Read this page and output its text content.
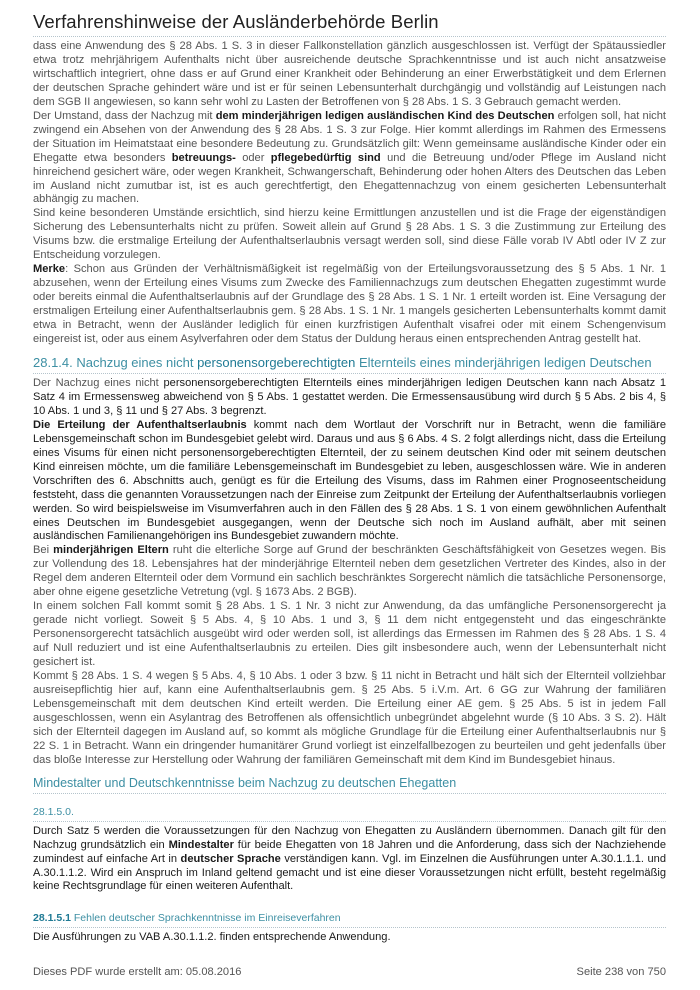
Verfahrenshinweise der Ausländerbehörde Berlin

dass eine Anwendung des § 28 Abs. 1 S. 3 in dieser Fallkonstellation gänzlich ausgeschlossen ist. Verfügt der Spätaussiedler etwa trotz mehrjährigem Aufenthalts nicht über ausreichende deutsche Sprachkenntnisse und ist auch nicht ansatzweise wirtschaftlich integriert, ohne dass er auf Grund einer Krankheit oder Behinderung an einer Erwerbstätigkeit und dem Erlernen der deutschen Sprache gehindert wäre und ist er für seinen Lebensunterhalt durchgängig und vollständig auf Leistungen nach dem SGB II angewiesen, so kann sehr wohl zu Lasten der Betroffenen von § 28 Abs. 1 S. 3 Gebrauch gemacht werden.

Der Umstand, dass der Nachzug mit dem minderjährigen ledigen ausländischen Kind des Deutschen erfolgen soll, hat nicht zwingend ein Absehen von der Anwendung des § 28 Abs. 1 S. 3 zur Folge. Hier kommt allerdings im Rahmen des Ermessens der Situation im Heimatstaat eine besondere Bedeutung zu. Grundsätzlich gilt: Wenn gemeinsame ausländische Kinder oder ein Ehegatte etwa besonders betreuungs- oder pflegebedürftig sind und die Betreuung und/oder Pflege im Ausland nicht hinreichend gesichert wäre, oder wegen Krankheit, Schwangerschaft, Behinderung oder hohen Alters des Deutschen das Leben im Ausland nicht zumutbar ist, ist es auch gerechtfertigt, den Ehegattennachzug von einem gesicherten Lebensunterhalt abhängig zu machen.

Sind keine besonderen Umstände ersichtlich, sind hierzu keine Ermittlungen anzustellen und ist die Frage der eigenständigen Sicherung des Lebensunterhalts nicht zu prüfen. Soweit allein auf Grund § 28 Abs. 1 S. 3 die Zustimmung zur Erteilung des Visums bzw. die erstmalige Erteilung der Aufenthaltserlaubnis versagt werden soll, sind diese Fälle vorab IV Abtl oder IV Z zur Entscheidung vorzulegen.

Merke: Schon aus Gründen der Verhältnismäßigkeit ist regelmäßig von der Erteilungsvoraussetzung des § 5 Abs. 1 Nr. 1 abzusehen, wenn der Erteilung eines Visums zum Zwecke des Familiennachzugs zum deutschen Ehegatten zugestimmt wurde oder bereits einmal die Aufenthaltserlaubnis auf der Grundlage des § 28 Abs. 1 S. 1 Nr. 1 erteilt worden ist. Eine Versagung der erstmaligen Erteilung einer Aufenthaltserlaubnis gem. § 28 Abs. 1 S. 1 Nr. 1 mangels gesicherten Lebensunterhalts kommt damit etwa in Betracht, wenn der Ausländer lediglich für einen kurzfristigen Aufenthalt visafrei oder mit einem Schengenvisum eingereist ist, oder aus einem Asylverfahren oder dem Status der Duldung heraus einen entsprechenden Antrag gestellt hat.

28.1.4. Nachzug eines nicht personensorgeberechtigten Elternteils eines minderjährigen ledigen Deutschen

Der Nachzug eines nicht personensorgeberechtigten Elternteils eines minderjährigen ledigen Deutschen kann nach Absatz 1 Satz 4 im Ermessensweg abweichend von § 5 Abs. 1 gestattet werden. Die Ermessensausübung wird durch § 5 Abs. 2 bis 4, § 10 Abs. 1 und 3, § 11 und § 27 Abs. 3 begrenzt.

Die Erteilung der Aufenthaltserlaubnis kommt nach dem Wortlaut der Vorschrift nur in Betracht, wenn die familiäre Lebensgemeinschaft schon im Bundesgebiet gelebt wird. Daraus und aus § 6 Abs. 4 S. 2 folgt allerdings nicht, dass die Erteilung eines Visums für einen nicht personensorgeberechtigten Elternteil, der zu seinem deutschen Kind oder mit seinem deutschen Kind einreisen möchte, um die familiäre Lebensgemeinschaft im Bundesgebiet zu leben, ausgeschlossen wäre. Wie in anderen Vorschriften des 6. Abschnitts auch, genügt es für die Erteilung des Visums, dass im Rahmen einer Prognoseentscheidung feststeht, dass die genannten Voraussetzungen nach der Einreise zum Zeitpunkt der Erteilung der Aufenthaltserlaubnis vorliegen werden. So wird beispielsweise im Visumverfahren auch in den Fällen des § 28 Abs. 1 S. 1 von einem gewöhnlichen Aufenthalt eines Deutschen im Bundesgebiet ausgegangen, wenn der Deutsche sich noch im Ausland aufhält, aber mit seinen ausländischen Familienangehörigen ins Bundesgebiet zuwandern möchte.

Bei minderjährigen Eltern ruht die elterliche Sorge auf Grund der beschränkten Geschäftsfähigkeit von Gesetzes wegen. Bis zur Vollendung des 18. Lebensjahres hat der minderjährige Elternteil neben dem gesetzlichen Vertreter des Kindes, also in der Regel dem anderen Elternteil oder dem Vormund ein sachlich beschränktes Sorgerecht nämlich die tatsächliche Personensorge, aber ohne eigene gesetzliche Vetretung (vgl. § 1673 Abs. 2 BGB).

In einem solchen Fall kommt somit § 28 Abs. 1 S. 1 Nr. 3 nicht zur Anwendung, da das umfängliche Personensorgerecht ja gerade nicht vorliegt. Soweit § 5 Abs. 4, § 10 Abs. 1 und 3, § 11 dem nicht entgegensteht und das eingeschränkte Personensorgerecht tatsächlich ausgeübt wird oder werden soll, ist allerdings das Ermessen im Rahmen des § 28 Abs. 1 S. 4 auf Null reduziert und ist eine Aufenthaltserlaubnis zu erteilen. Dies gilt insbesondere auch, wenn der Lebensunterhalt nicht gesichert ist.

Kommt § 28 Abs. 1 S. 4 wegen § 5 Abs. 4, § 10 Abs. 1 oder 3 bzw. § 11 nicht in Betracht und hält sich der Elternteil vollziehbar ausreisepflichtig hier auf, kann eine Aufenthaltserlaubnis gem. § 25 Abs. 5 i.V.m. Art. 6 GG zur Wahrung der familiären Lebensgemeinschaft mit dem deutschen Kind erteilt werden. Die Erteilung einer AE gem. § 25 Abs. 5 ist in jedem Fall ausgeschlossen, wenn ein Asylantrag des Betroffenen als offensichtlich unbegründet abgelehnt wurde (§ 10 Abs. 3 S. 2). Hält sich der Elternteil dagegen im Ausland auf, so kommt als mögliche Grundlage für die Erteilung einer Aufenthaltserlaubnis nur § 22 S. 1 in Betracht. Wann ein dringender humanitärer Grund vorliegt ist einzelfallbezogen zu beurteilen und geht jedenfalls über das bloße Interesse zur Herstellung oder Wahrung der familiären Gemeinschaft mit dem Kind im Bundesgebiet hinaus.

Mindestalter und Deutschkenntnisse beim Nachzug zu deutschen Ehegatten
28.1.5.0.

Durch Satz 5 werden die Voraussetzungen für den Nachzug von Ehegatten zu Ausländern übernommen. Danach gilt für den Nachzug grundsätzlich ein Mindestalter für beide Ehegatten von 18 Jahren und die Anforderung, dass sich der Nachziehende zumindest auf einfache Art in deutscher Sprache verständigen kann. Vgl. im Einzelnen die Ausführungen unter A.30.1.1.1. und A.30.1.1.2. Wird ein Anspruch im Inland geltend gemacht und ist eine dieser Voraussetzungen nicht erfüllt, besteht regelmäßig keine Rechtsgrundlage für einen weiteren Aufenthalt.

28.1.5.1 Fehlen deutscher Sprachkenntnisse im Einreiseverfahren

Die Ausführungen zu VAB A.30.1.1.2. finden entsprechende Anwendung.

Dieses PDF wurde erstellt am: 05.08.2016	Seite 238 von 750
